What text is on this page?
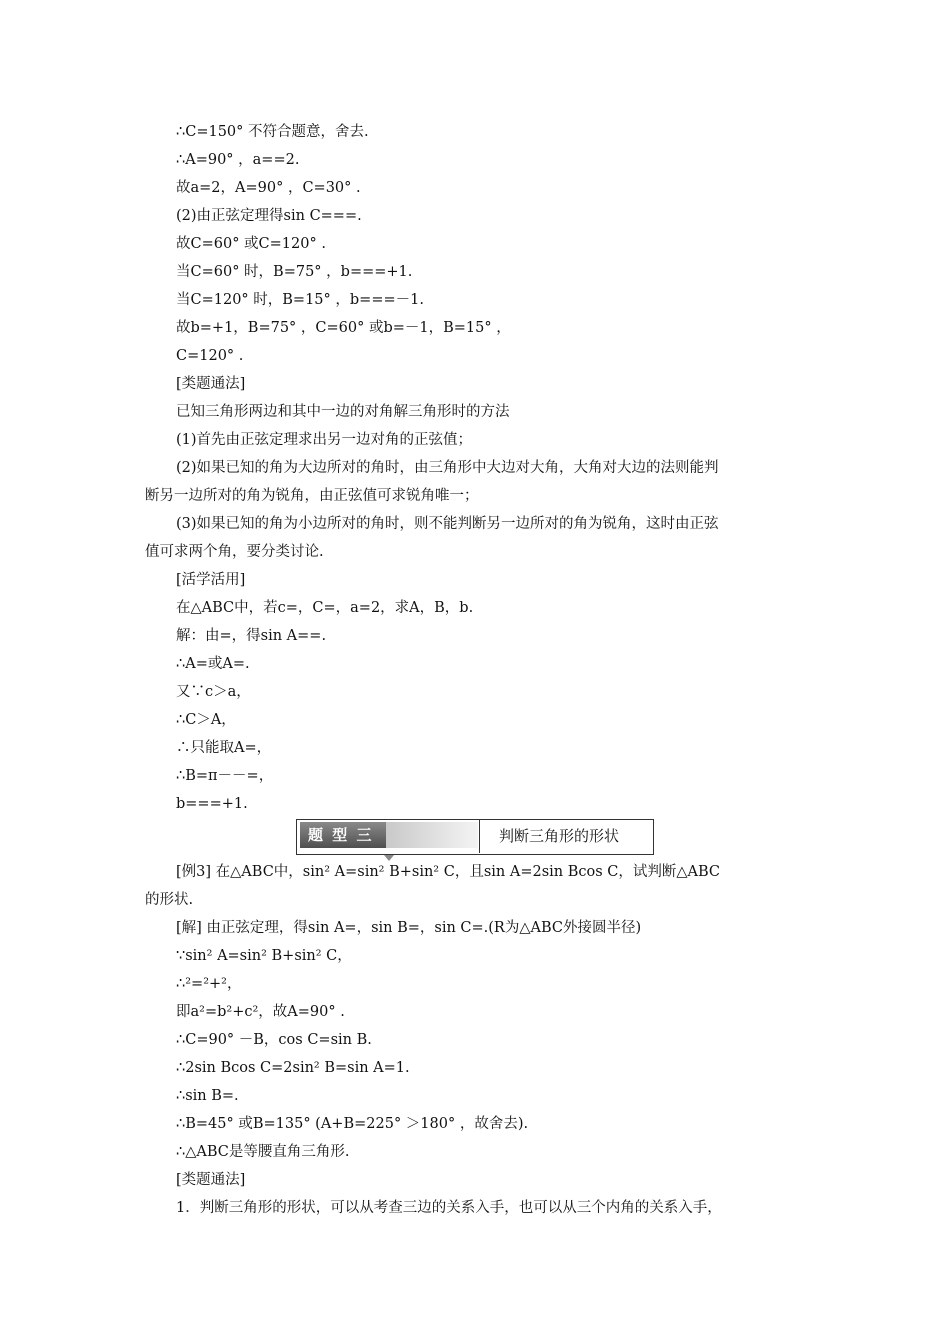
∴C=150° 不符合题意，舍去.
∴A=90° ，a==2.
故a=2，A=90° ，C=30° .
(2)由正弦定理得sin C===.
故C=60° 或C=120° .
当C=60° 时，B=75° ，b===+1.
当C=120° 时，B=15° ，b===－1.
故b=+1，B=75° ，C=60° 或b=－1，B=15° ，
C=120° .
[类题通法]
已知三角形两边和其中一边的对角解三角形时的方法
(1)首先由正弦定理求出另一边对角的正弦值；
(2)如果已知的角为大边所对的角时，由三角形中大边对大角，大角对大边的法则能判
断另一边所对的角为锐角，由正弦值可求锐角唯一；
(3)如果已知的角为小边所对的角时，则不能判断另一边所对的角为锐角，这时由正弦
值可求两个角，要分类讨论.
[活学活用]
在△ABC中，若c=，C=，a=2，求A，B，b.
解：由=，得sin A==.
∴A=或A=.
又∵c＞a，
∴C＞A，
∴只能取A=，
∴B=π－－=，
b===+1.
题 型 三	判断三角形的形状
[例3] 在△ABC中，sin² A=sin² B+sin² C，且sin A=2sin Bcos C，试判断△ABC
的形状.
[解] 由正弦定理，得sin A=，sin B=，sin C=.(R为△ABC外接圆半径)
∵sin² A=sin² B+sin² C，
∴²=²+²，
即a²=b²+c²，故A=90° .
∴C=90° －B，cos C=sin B.
∴2sin Bcos C=2sin² B=sin A=1.
∴sin B=.
∴B=45° 或B=135° (A+B=225° ＞180° ，故舍去).
∴△ABC是等腰直角三角形.
[类题通法]
1．判断三角形的形状，可以从考查三边的关系入手，也可以从三个内角的关系入手，
